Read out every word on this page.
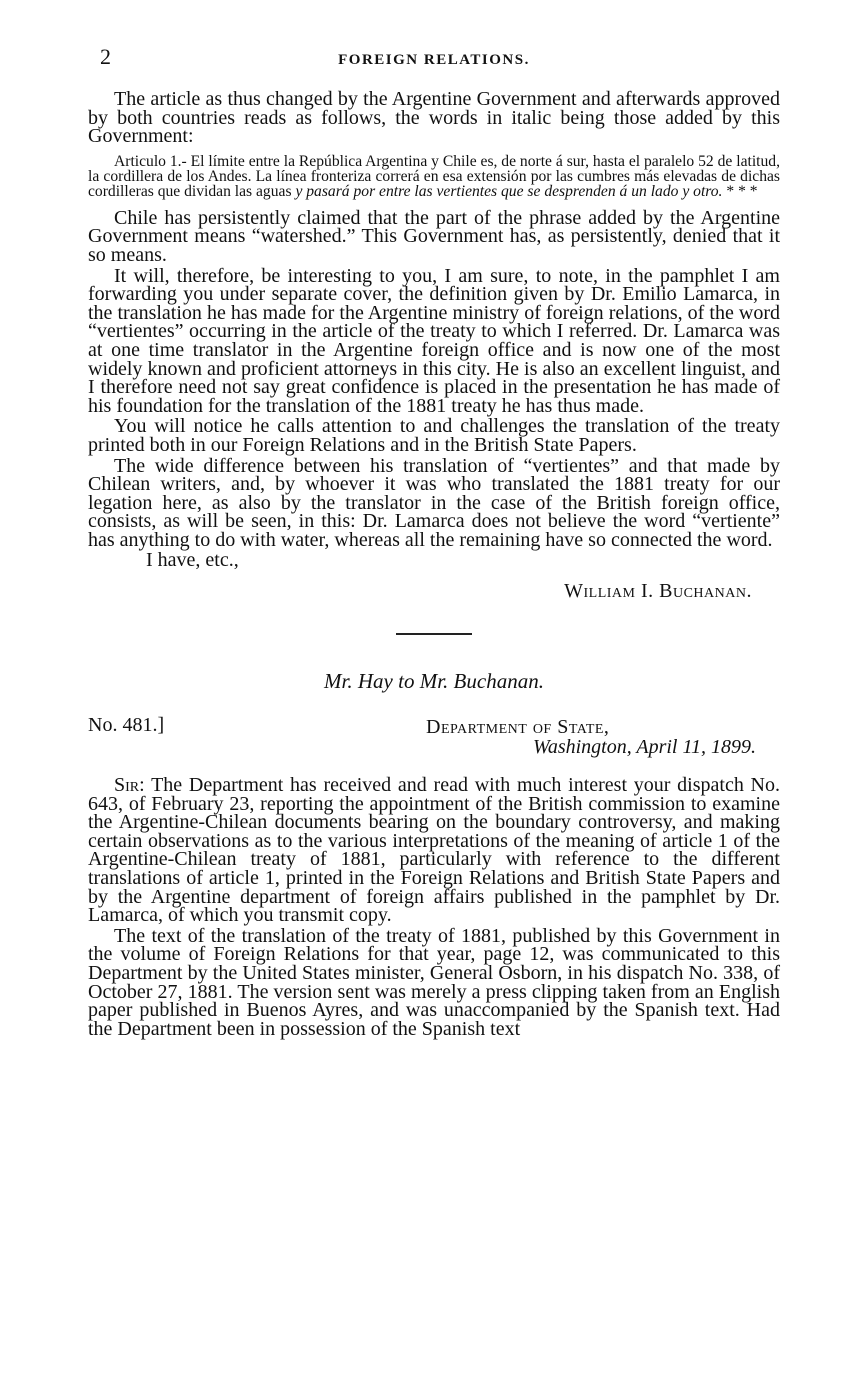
2	FOREIGN RELATIONS.

The article as thus changed by the Argentine Government and afterwards approved by both countries reads as follows, the words in italic being those added by this Government:

Articulo 1.- El límite entre la República Argentina y Chile es, de norte á sur, hasta el paralelo 52 de latitud, la cordillera de los Andes. La línea fronteriza correrá en esa extensión por las cumbres más elevadas de dichas cordilleras que dividan las aguas y pasará por entre las vertientes que se desprenden á un lado y otro. * * *

Chile has persistently claimed that the part of the phrase added by the Argentine Government means “watershed.” This Government has, as persistently, denied that it so means.

It will, therefore, be interesting to you, I am sure, to note, in the pamphlet I am forwarding you under separate cover, the definition given by Dr. Emilio Lamarca, in the translation he has made for the Argentine ministry of foreign relations, of the word “vertientes” occurring in the article of the treaty to which I referred. Dr. Lamarca was at one time translator in the Argentine foreign office and is now one of the most widely known and proficient attorneys in this city. He is also an excellent linguist, and I therefore need not say great confidence is placed in the presentation he has made of his foundation for the translation of the 1881 treaty he has thus made.

You will notice he calls attention to and challenges the translation of the treaty printed both in our Foreign Relations and in the British State Papers.

The wide difference between his translation of “vertientes” and that made by Chilean writers, and, by whoever it was who translated the 1881 treaty for our legation here, as also by the translator in the case of the British foreign office, consists, as will be seen, in this: Dr. Lamarca does not believe the word “vertiente” has anything to do with water, whereas all the remaining have so connected the word.

I have, etc.,

William I. Buchanan.
Mr. Hay to Mr. Buchanan.
No. 481.]	Department of State,
Washington, April 11, 1899.

Sir: The Department has received and read with much interest your dispatch No. 643, of February 23, reporting the appointment of the British commission to examine the Argentine-Chilean documents bearing on the boundary controversy, and making certain observations as to the various interpretations of the meaning of article 1 of the Argentine-Chilean treaty of 1881, particularly with reference to the different translations of article 1, printed in the Foreign Relations and British State Papers and by the Argentine department of foreign affairs published in the pamphlet by Dr. Lamarca, of which you transmit copy.

The text of the translation of the treaty of 1881, published by this Government in the volume of Foreign Relations for that year, page 12, was communicated to this Department by the United States minister, General Osborn, in his dispatch No. 338, of October 27, 1881. The version sent was merely a press clipping taken from an English paper published in Buenos Ayres, and was unaccompanied by the Spanish text. Had the Department been in possession of the Spanish text
